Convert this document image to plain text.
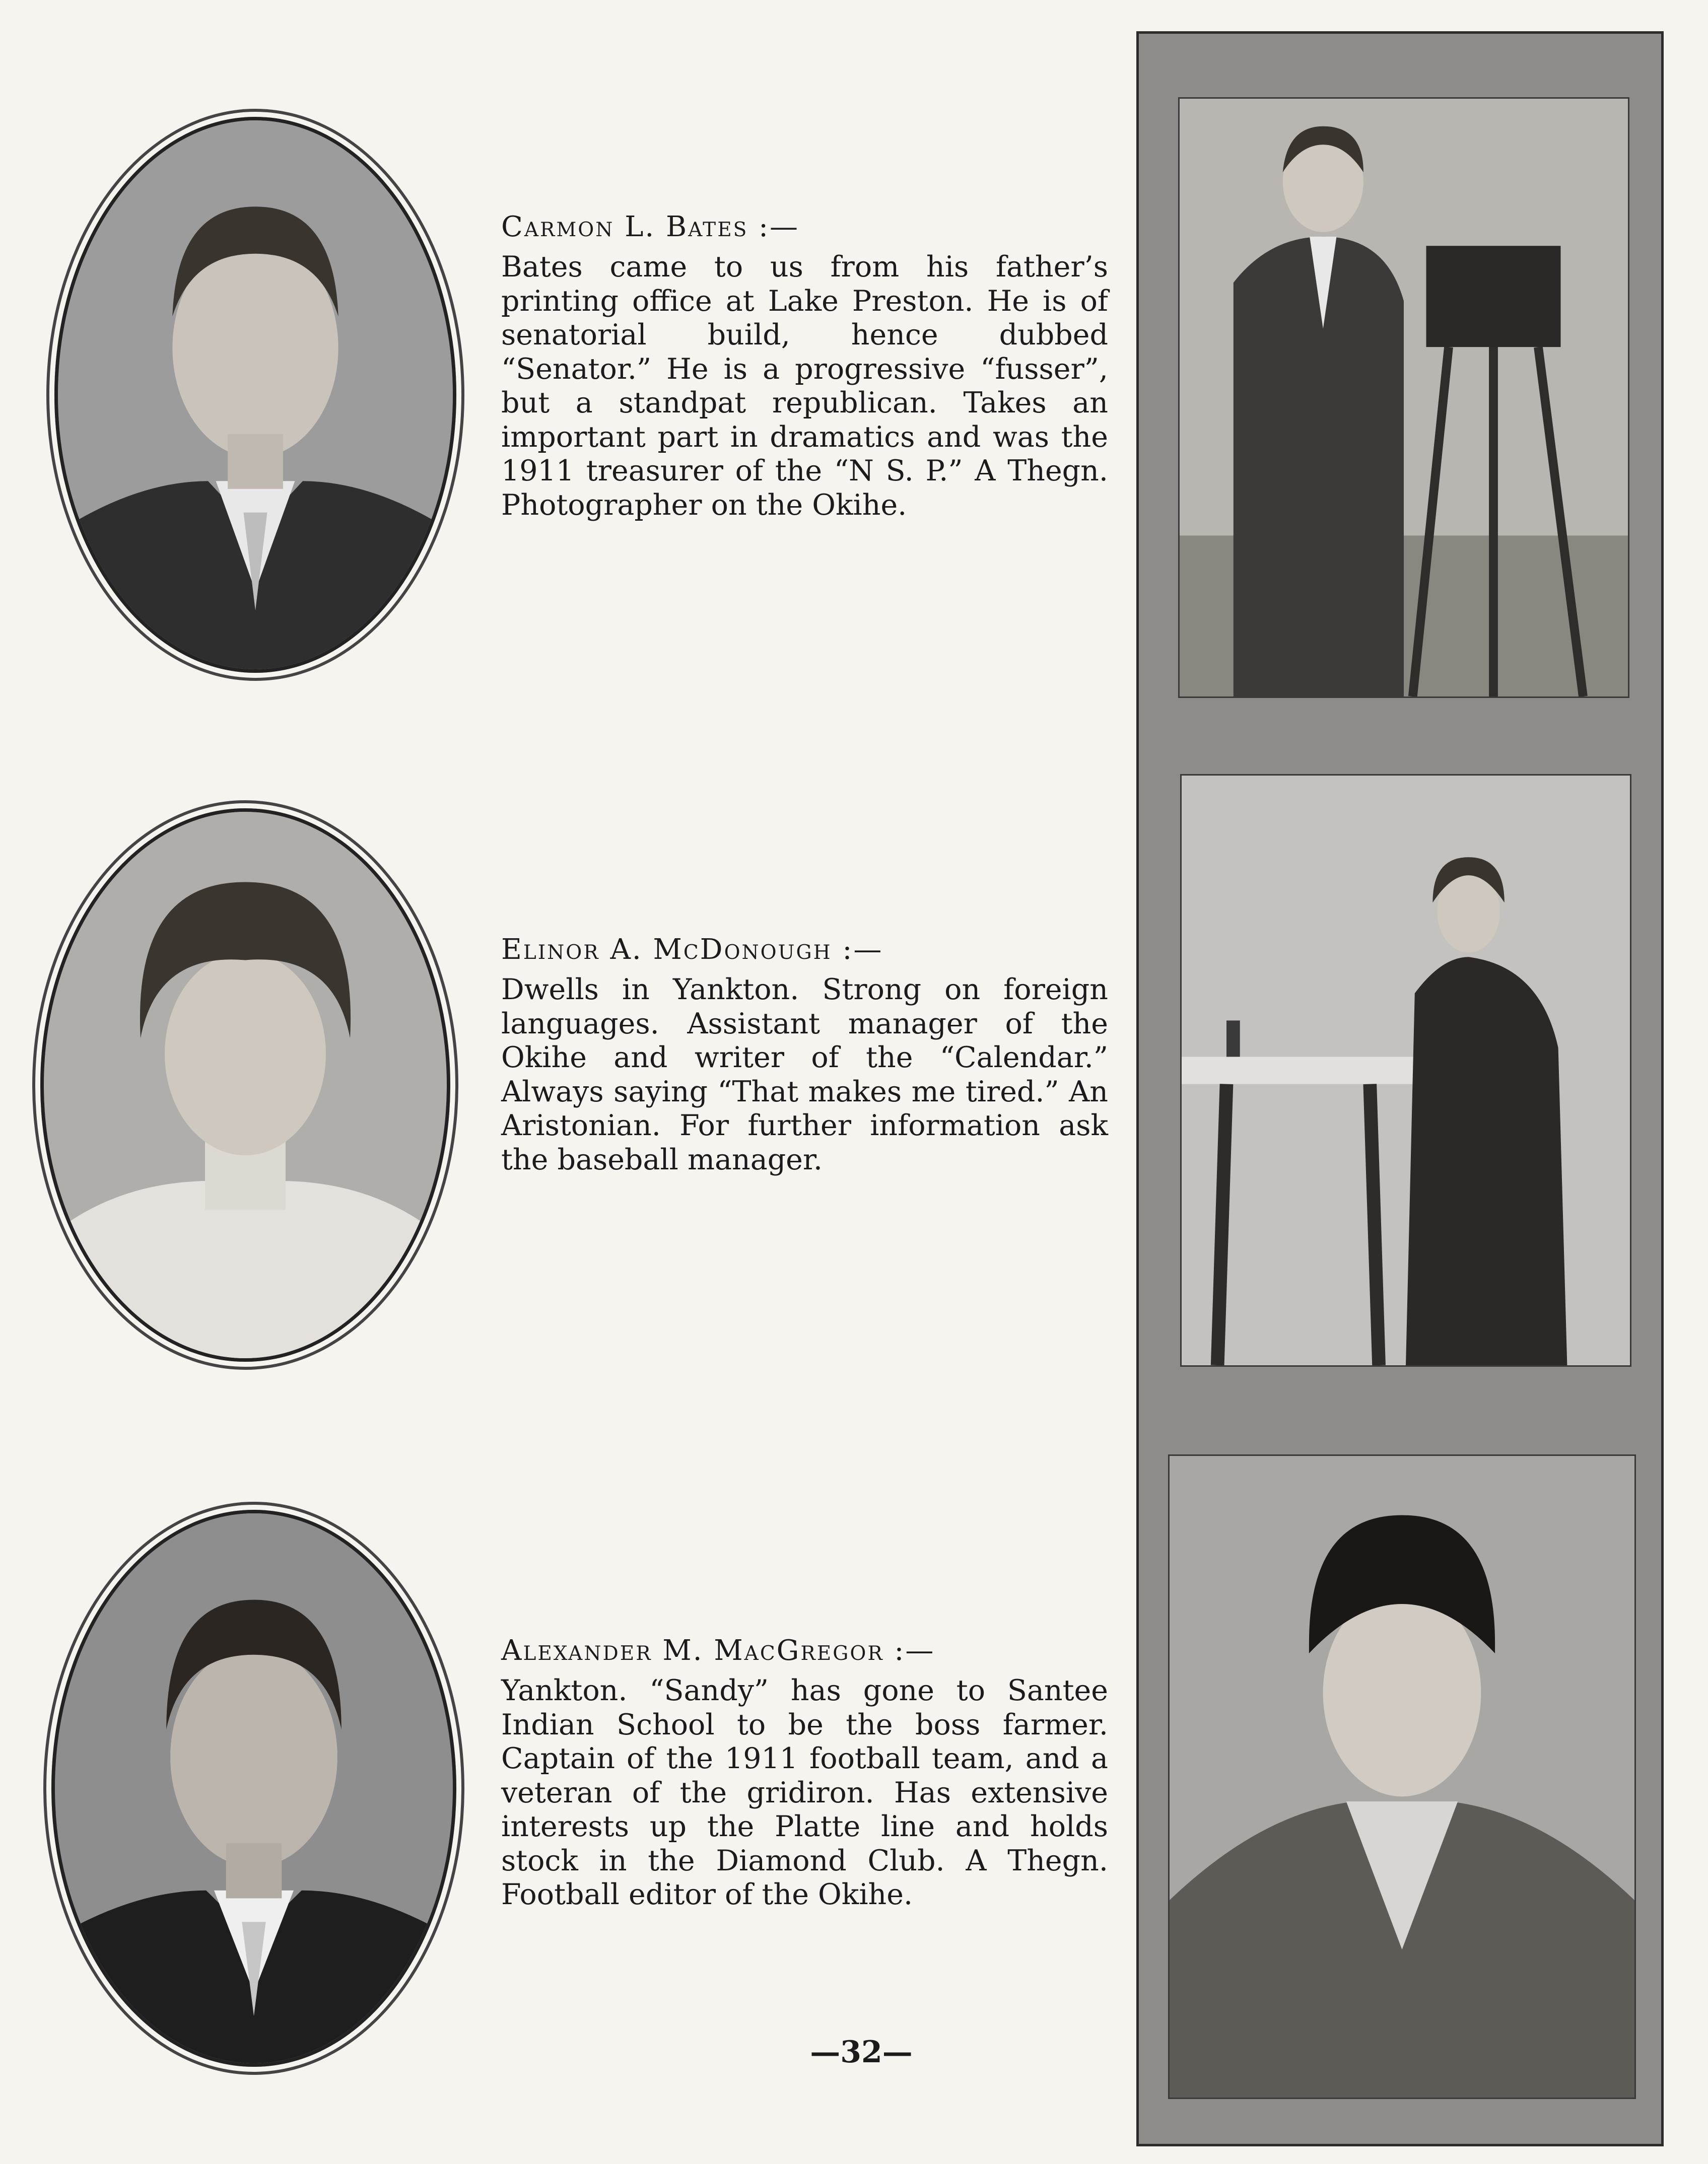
Carmon L. Bates :—

Bates came to us from his father’s printing office at Lake Preston. He is of senatorial build, hence dubbed “Senator.” He is a progressive “fusser”, but a standpat republican. Takes an important part in dramatics and was the 1911 treasurer of the “N S. P.” A Thegn. Photographer on the Okihe.

Elinor A. McDonough :—

Dwells in Yankton. Strong on foreign languages. Assistant manager of the Okihe and writer of the “Calendar.” Always saying “That makes me tired.” An Aristonian. For further information ask the baseball manager.

Alexander M. MacGregor :—

Yankton. “Sandy” has gone to Santee Indian School to be the boss farmer. Captain of the 1911 football team, and a veteran of the gridiron. Has extensive interests up the Platte line and holds stock in the Diamond Club. A Thegn. Football editor of the Okihe.

—32—
